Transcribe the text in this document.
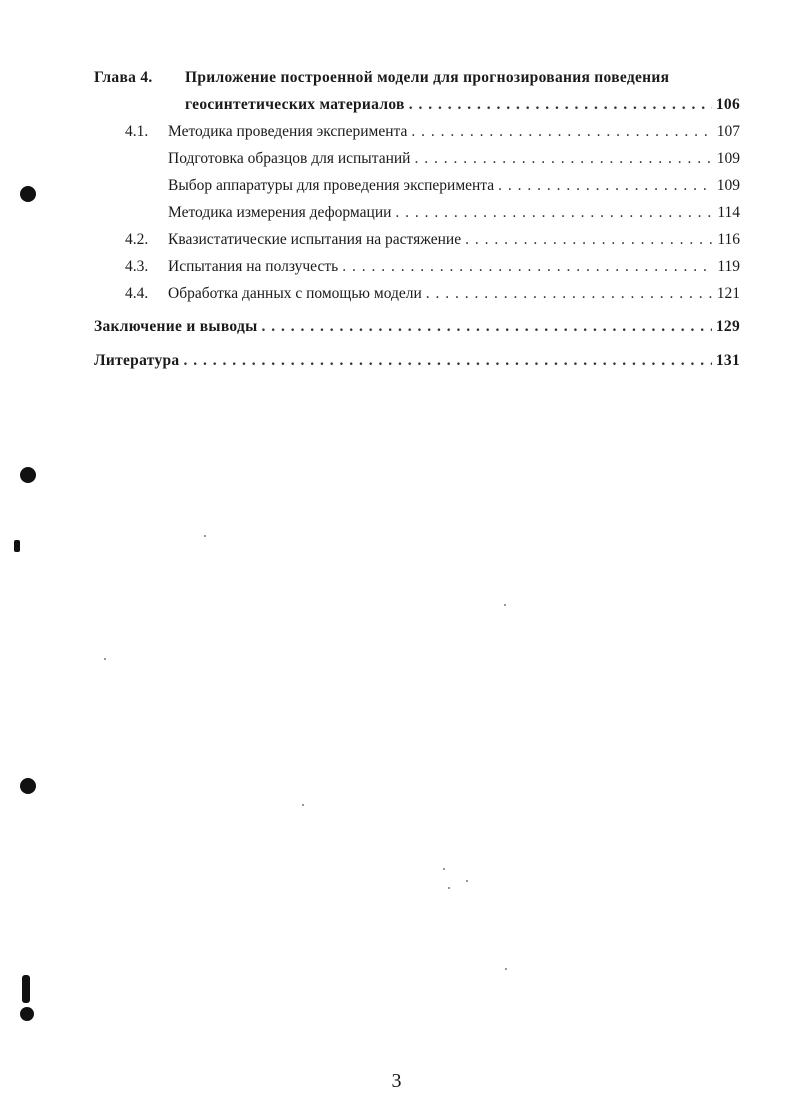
Глава 4. Приложение построенной модели для прогнозирования поведения
геосинтетических материалов . . .	106
4.1. Методика проведения эксперимента . . .	107
Подготовка образцов для испытаний . . .	109
Выбор аппаратуры для проведения эксперимента . . .	109
Методика измерения деформации . . .	114
4.2. Квазистатические испытания на растяжение . . .	116
4.3. Испытания на ползучесть . . .	119
4.4. Обработка данных с помощью модели . . .	121
Заключение и выводы . . .	129
Литература . . .	131
3
